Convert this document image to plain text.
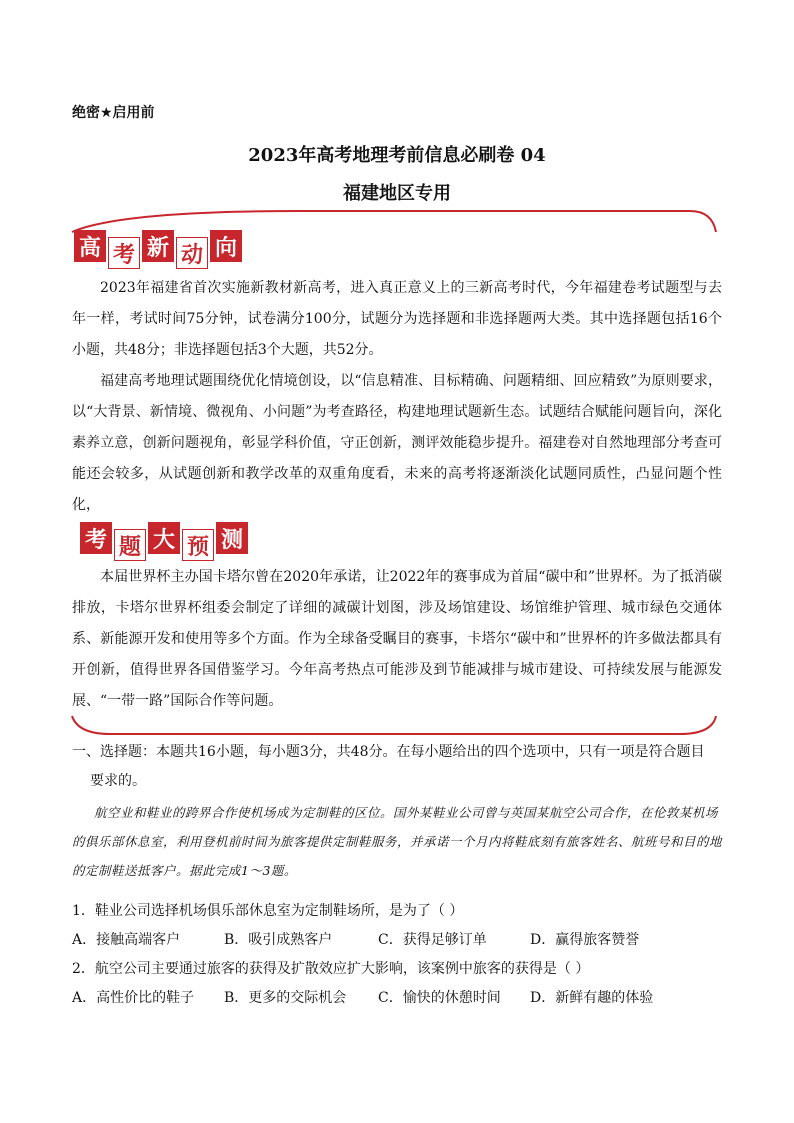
绝密★启用前
2023年高考地理考前信息必刷卷 04
福建地区专用
高 考 新 动 向

2023年福建省首次实施新教材新高考，进入真正意义上的三新高考时代，今年福建卷考试题型与去年一样，考试时间75分钟，试卷满分100分，试题分为选择题和非选择题两大类。其中选择题包括16个小题，共48分；非选择题包括3个大题，共52分。

福建高考地理试题围绕优化情境创设，以“信息精准、目标精确、问题精细、回应精致”为原则要求，以“大背景、新情境、微视角、小问题”为考查路径，构建地理试题新生态。试题结合赋能问题旨向，深化素养立意，创新问题视角，彰显学科价值，守正创新，测评效能稳步提升。福建卷对自然地理部分考查可能还会较多，从试题创新和教学改革的双重角度看，未来的高考将逐渐淡化试题同质性，凸显问题个性化，

考 题 大 预 测

本届世界杯主办国卡塔尔曾在2020年承诺，让2022年的赛事成为首届“碳中和”世界杯。为了抵消碳排放，卡塔尔世界杯组委会制定了详细的减碳计划图，涉及场馆建设、场馆维护管理、城市绿色交通体系、新能源开发和使用等多个方面。作为全球备受瞩目的赛事，卡塔尔“碳中和”世界杯的许多做法都具有开创新，值得世界各国借鉴学习。今年高考热点可能涉及到节能减排与城市建设、可持续发展与能源发展、“一带一路”国际合作等问题。

一、选择题：本题共16小题，每小题3分，共48分。在每小题给出的四个选项中，只有一项是符合题目
要求的。
航空业和鞋业的跨界合作使机场成为定制鞋的区位。国外某鞋业公司曾与英国某航空公司合作，在伦敦某机场的俱乐部休息室，利用登机前时间为旅客提供定制鞋服务，并承诺一个月内将鞋底刻有旅客姓名、航班号和目的地的定制鞋送抵客户。据此完成1～3题。
1．鞋业公司选择机场俱乐部休息室为定制鞋场所，是为了（ ）
A．接触高端客户	B．吸引成熟客户	C．获得足够订单	D．赢得旅客赞誉
2．航空公司主要通过旅客的获得及扩散效应扩大影响，该案例中旅客的获得是（ ）
A．高性价比的鞋子	B．更多的交际机会	C．愉快的休憩时间	D．新鲜有趣的体验
